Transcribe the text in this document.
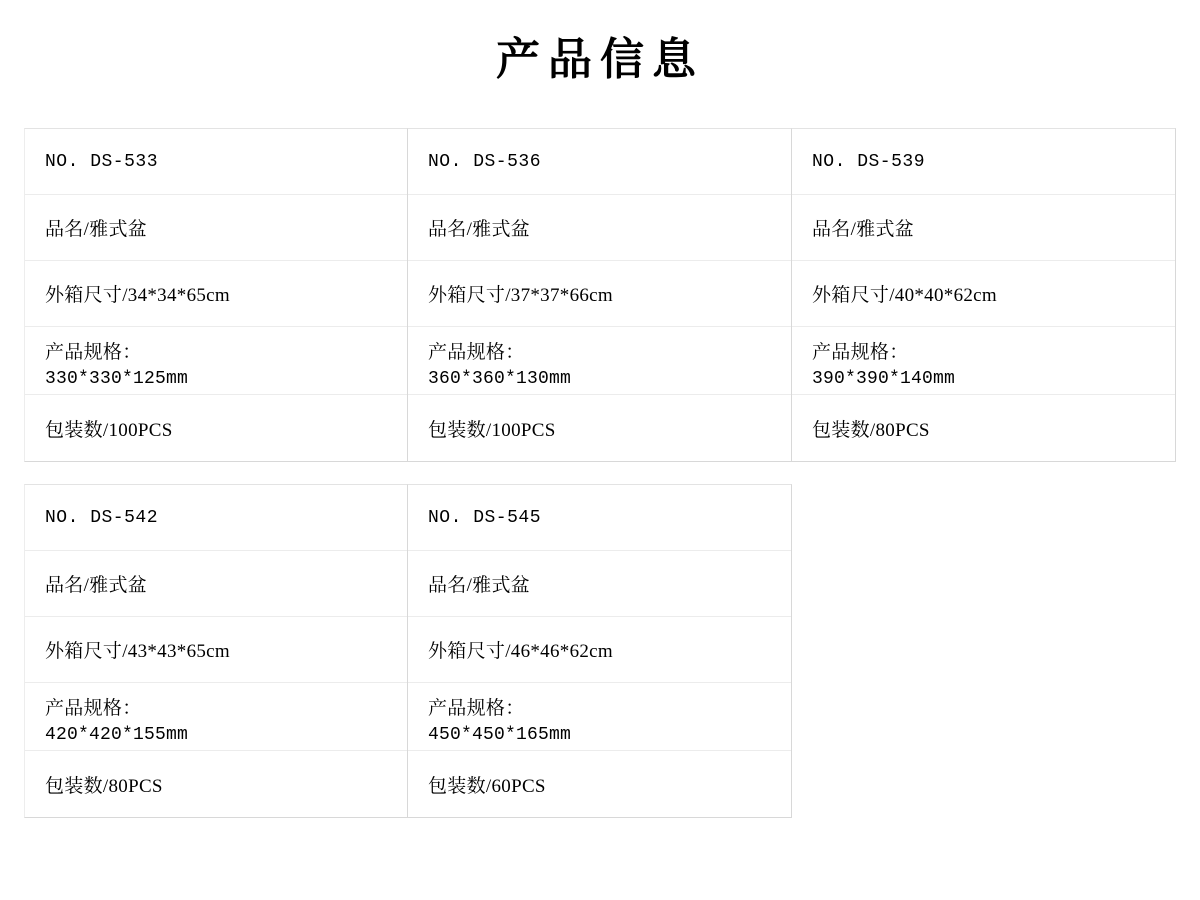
产品信息
NO. DS-533
品名/雅式盆
外箱尺寸/34*34*65cm
产品规格：
330*330*125mm
包装数/100PCS
NO. DS-536
品名/雅式盆
外箱尺寸/37*37*66cm
产品规格：
360*360*130mm
包装数/100PCS
NO. DS-539
品名/雅式盆
外箱尺寸/40*40*62cm
产品规格：
390*390*140mm
包装数/80PCS
NO. DS-542
品名/雅式盆
外箱尺寸/43*43*65cm
产品规格：
420*420*155mm
包装数/80PCS
NO. DS-545
品名/雅式盆
外箱尺寸/46*46*62cm
产品规格：
450*450*165mm
包装数/60PCS
